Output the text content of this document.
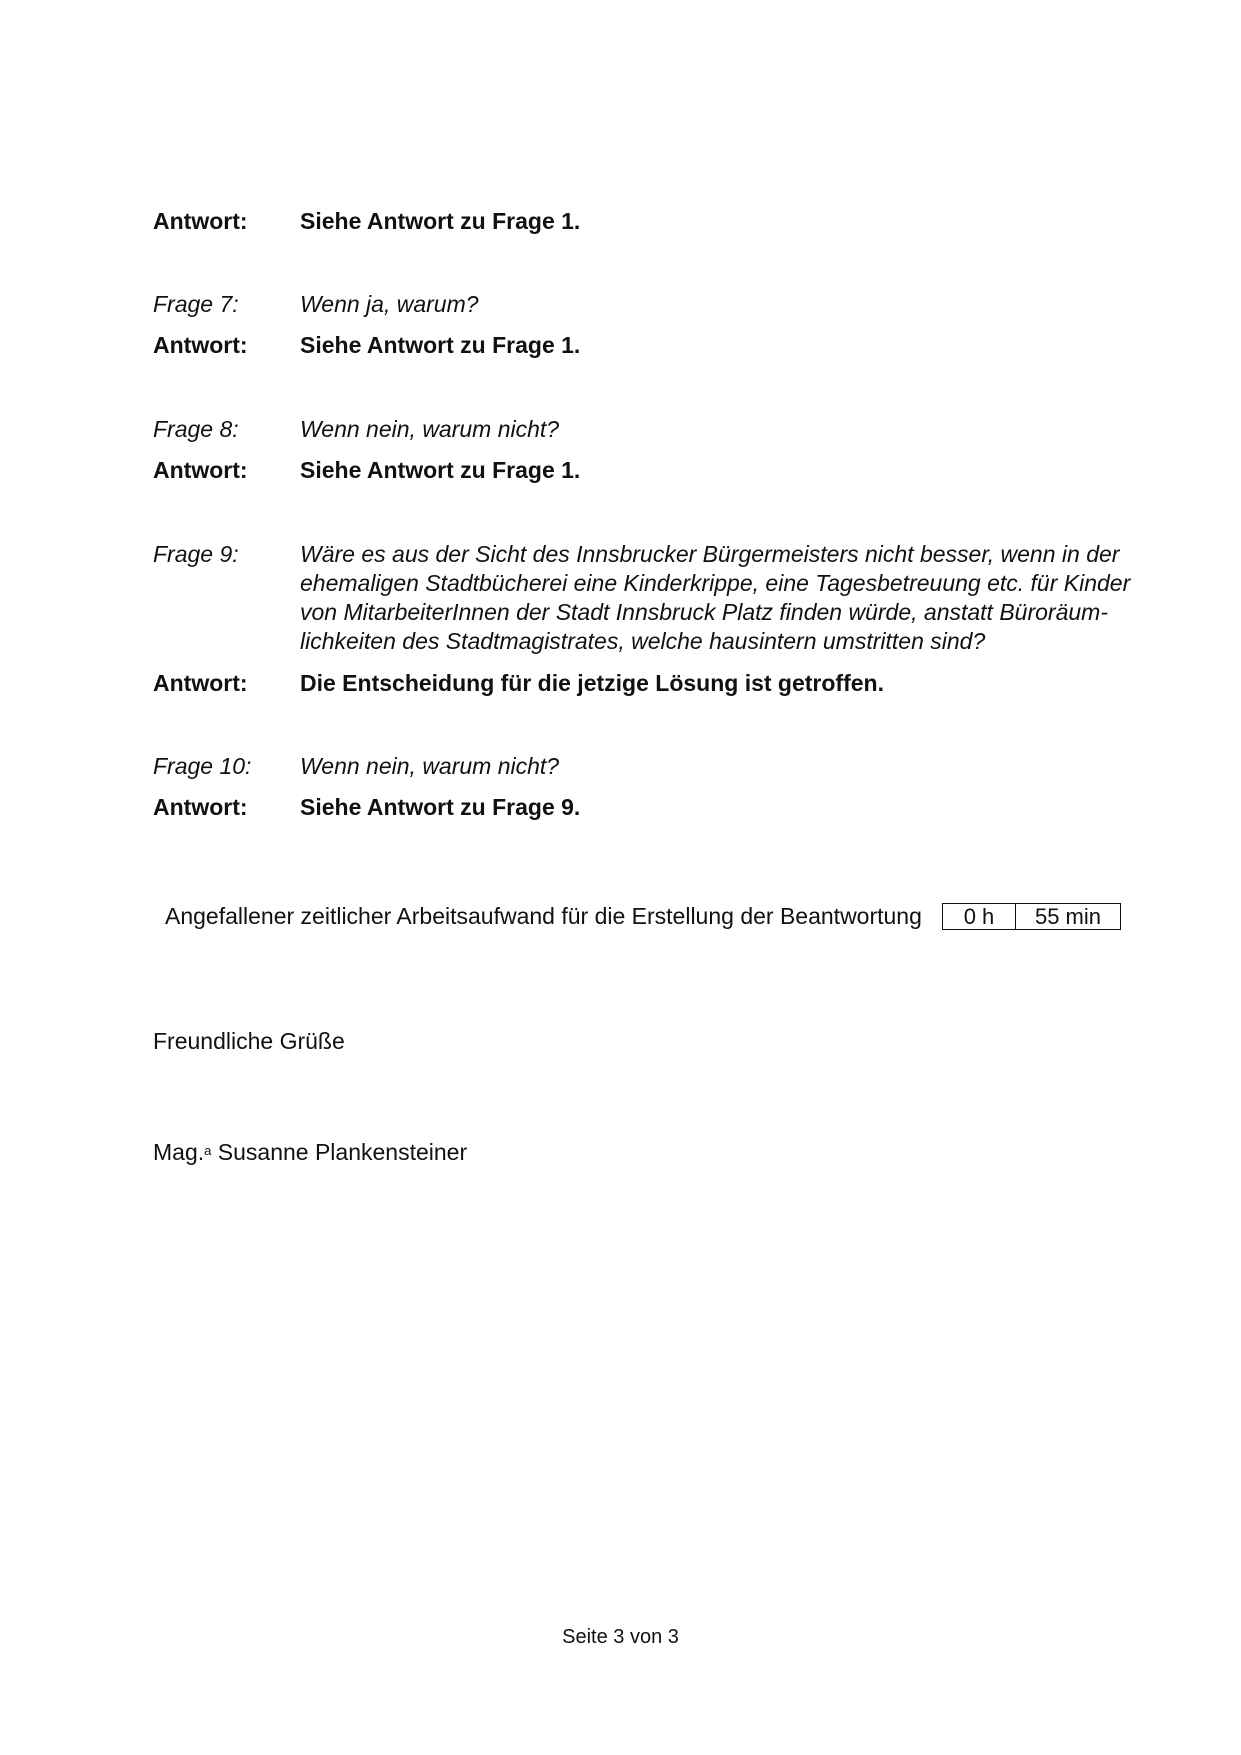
Antwort:	Siehe Antwort zu Frage 1.
Frage 7:	Wenn ja, warum?
Antwort:	Siehe Antwort zu Frage 1.
Frage 8:	Wenn nein, warum nicht?
Antwort:	Siehe Antwort zu Frage 1.
Frage 9:	Wäre es aus der Sicht des Innsbrucker Bürgermeisters nicht besser, wenn in der
ehemaligen Stadtbücherei eine Kinderkrippe, eine Tagesbetreuung etc. für Kinder
von MitarbeiterInnen der Stadt Innsbruck Platz finden würde, anstatt Büroräum-
lichkeiten des Stadtmagistrates, welche hausintern umstritten sind?
Antwort:	Die Entscheidung für die jetzige Lösung ist getroffen.
Frage 10:	Wenn nein, warum nicht?
Antwort:	Siehe Antwort zu Frage 9.
Angefallener zeitlicher Arbeitsaufwand für die Erstellung der Beantwortung	0 h	55 min
Freundliche Grüße
Mag.$^a$ Susanne Plankensteiner
Seite 3 von 3
